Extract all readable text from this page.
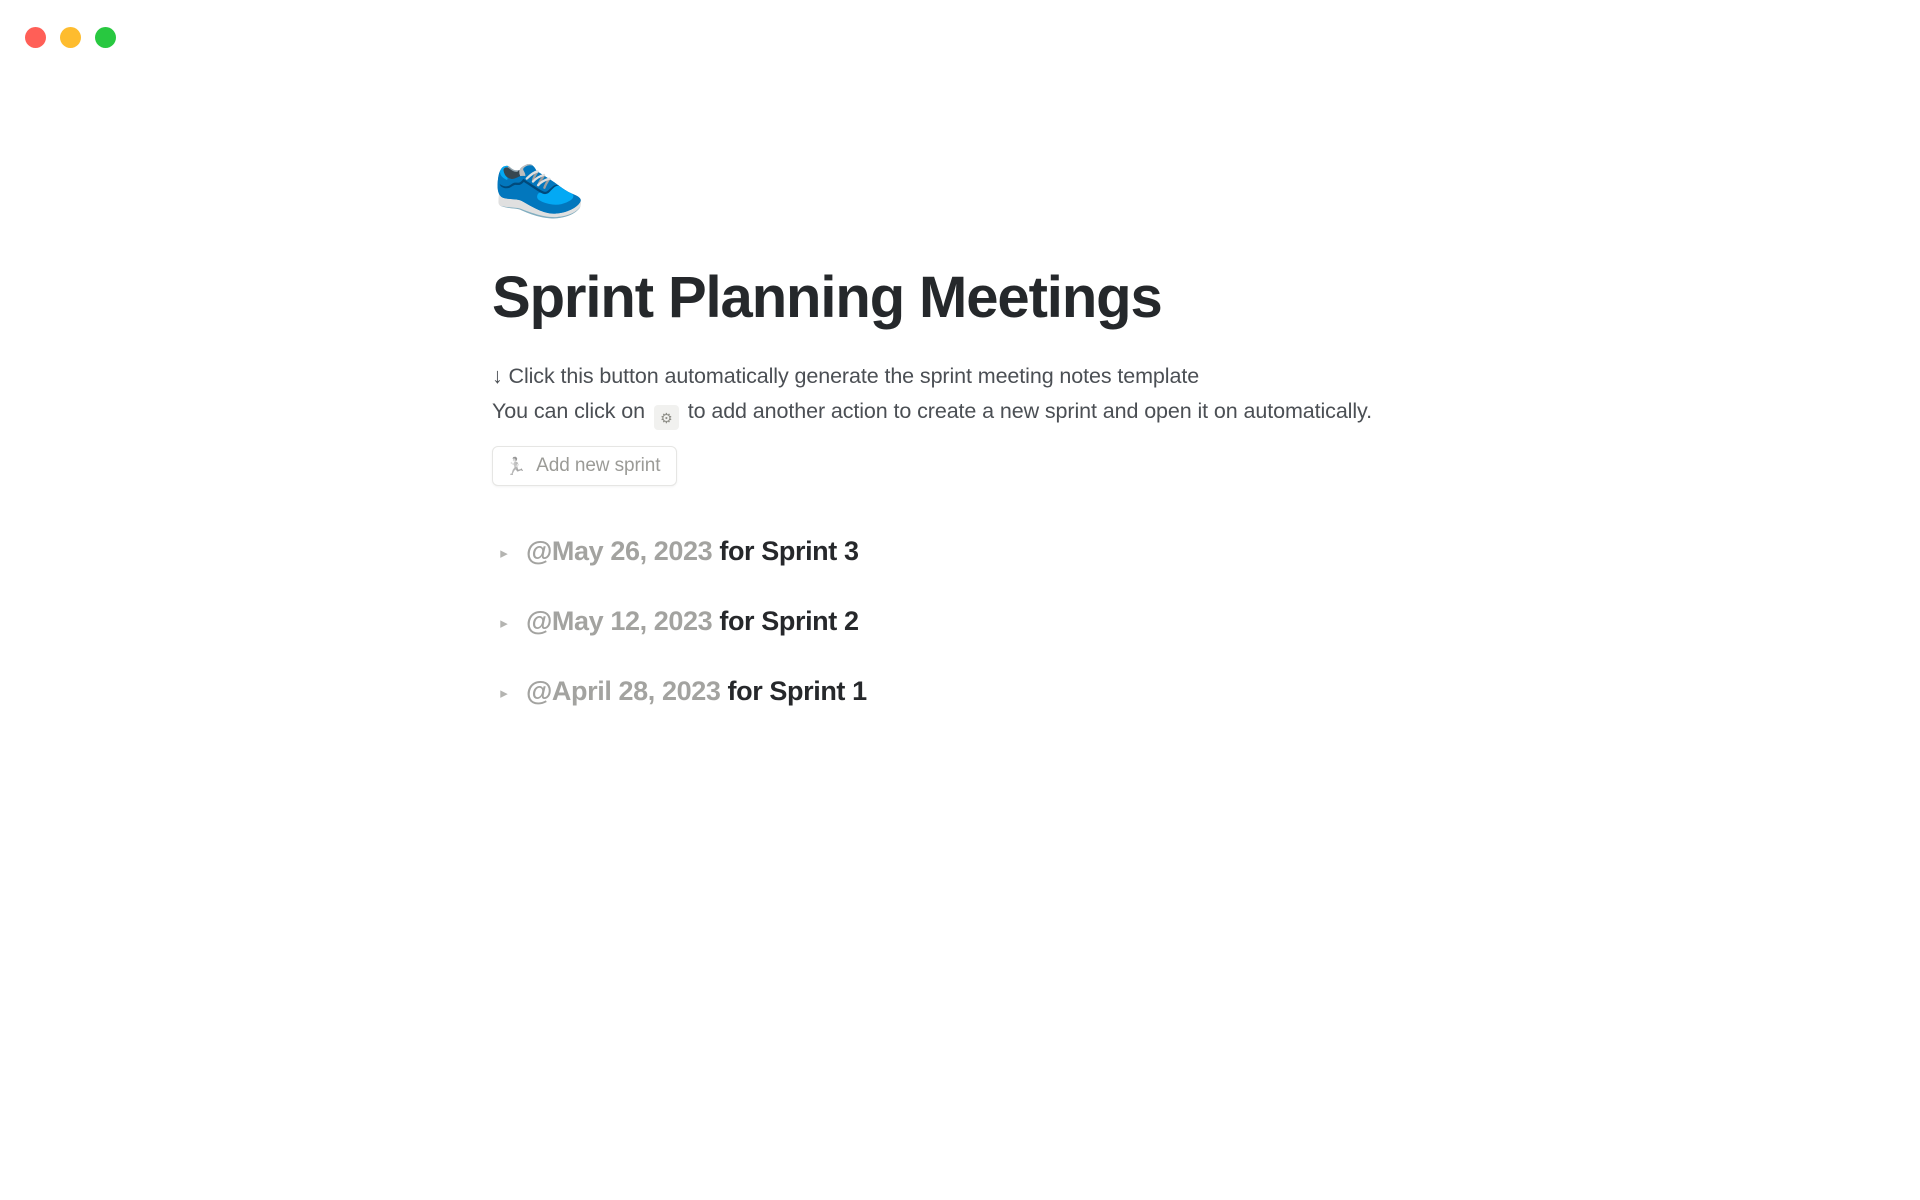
👟
Sprint Planning Meetings

↓ Click this button automatically generate the sprint meeting notes template

You can click on ⚙ to add another action to create a new sprint and open it on automatically.

🏃 Add new sprint
▸ @May 26, 2023 for Sprint 3
▸ @May 12, 2023 for Sprint 2
▸ @April 28, 2023 for Sprint 1
